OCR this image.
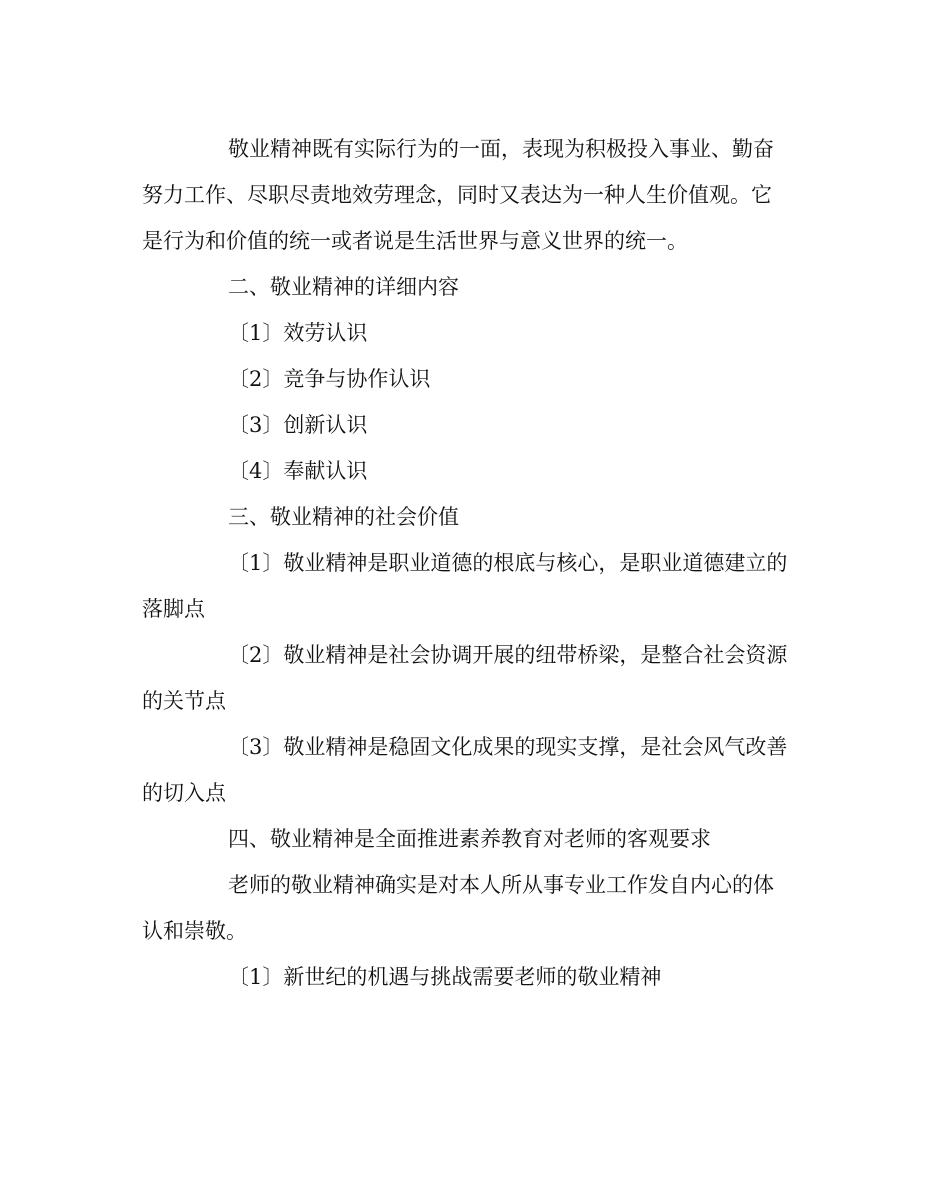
敬业精神既有实际行为的一面，表现为积极投入事业、勤奋

努力工作、尽职尽责地效劳理念，同时又表达为一种人生价值观。它

是行为和价值的统一或者说是生活世界与意义世界的统一。

二、敬业精神的详细内容

〔1〕效劳认识

〔2〕竞争与协作认识

〔3〕创新认识

〔4〕奉献认识

三、敬业精神的社会价值

〔1〕敬业精神是职业道德的根底与核心，是职业道德建立的

落脚点

〔2〕敬业精神是社会协调开展的纽带桥梁，是整合社会资源

的关节点

〔3〕敬业精神是稳固文化成果的现实支撑，是社会风气改善

的切入点

四、敬业精神是全面推进素养教育对老师的客观要求

老师的敬业精神确实是对本人所从事专业工作发自内心的体

认和崇敬。

〔1〕新世纪的机遇与挑战需要老师的敬业精神
